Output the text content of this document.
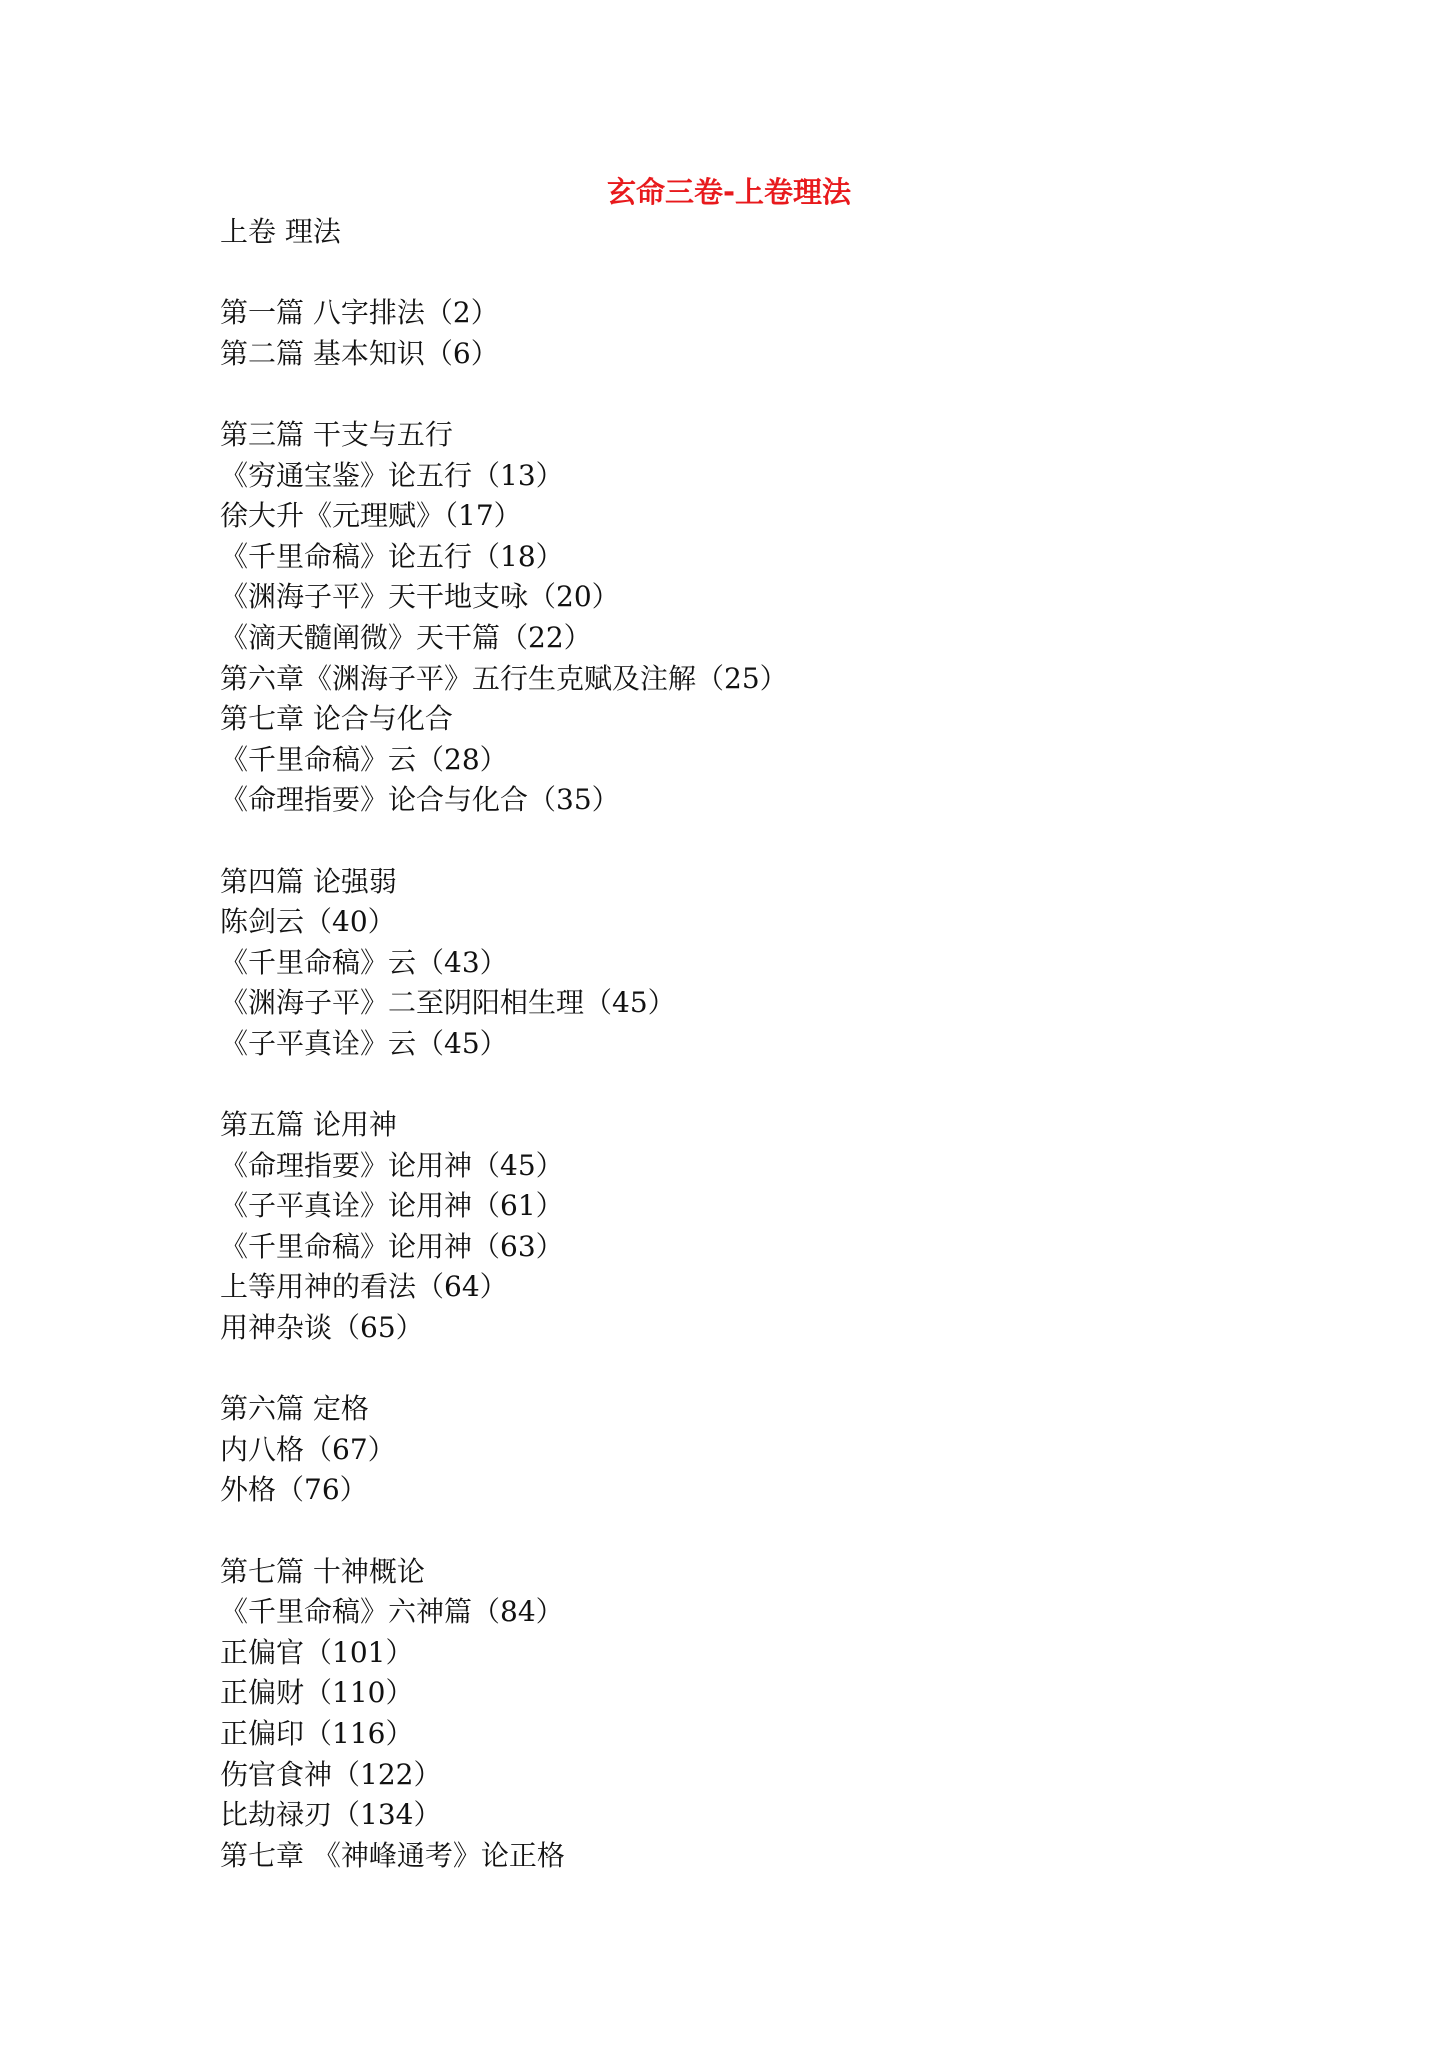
玄命三卷-上卷理法
上卷 理法
第一篇 八字排法（2）
第二篇 基本知识（6）
第三篇 干支与五行
《穷通宝鉴》论五行（13）
徐大升《元理赋》（17）
《千里命稿》论五行（18）
《渊海子平》天干地支咏（20）
《滴天髓阐微》天干篇（22）
第六章《渊海子平》五行生克赋及注解（25）
第七章 论合与化合
《千里命稿》云（28）
《命理指要》论合与化合（35）
第四篇 论强弱
陈剑云（40）
《千里命稿》云（43）
《渊海子平》二至阴阳相生理（45）
《子平真诠》云（45）
第五篇 论用神
《命理指要》论用神（45）
《子平真诠》论用神（61）
《千里命稿》论用神（63）
上等用神的看法（64）
用神杂谈（65）
第六篇 定格
内八格（67）
外格（76）
第七篇 十神概论
《千里命稿》六神篇（84）
正偏官（101）
正偏财（110）
正偏印（116）
伤官食神（122）
比劫禄刃（134）
第七章 《神峰通考》论正格
